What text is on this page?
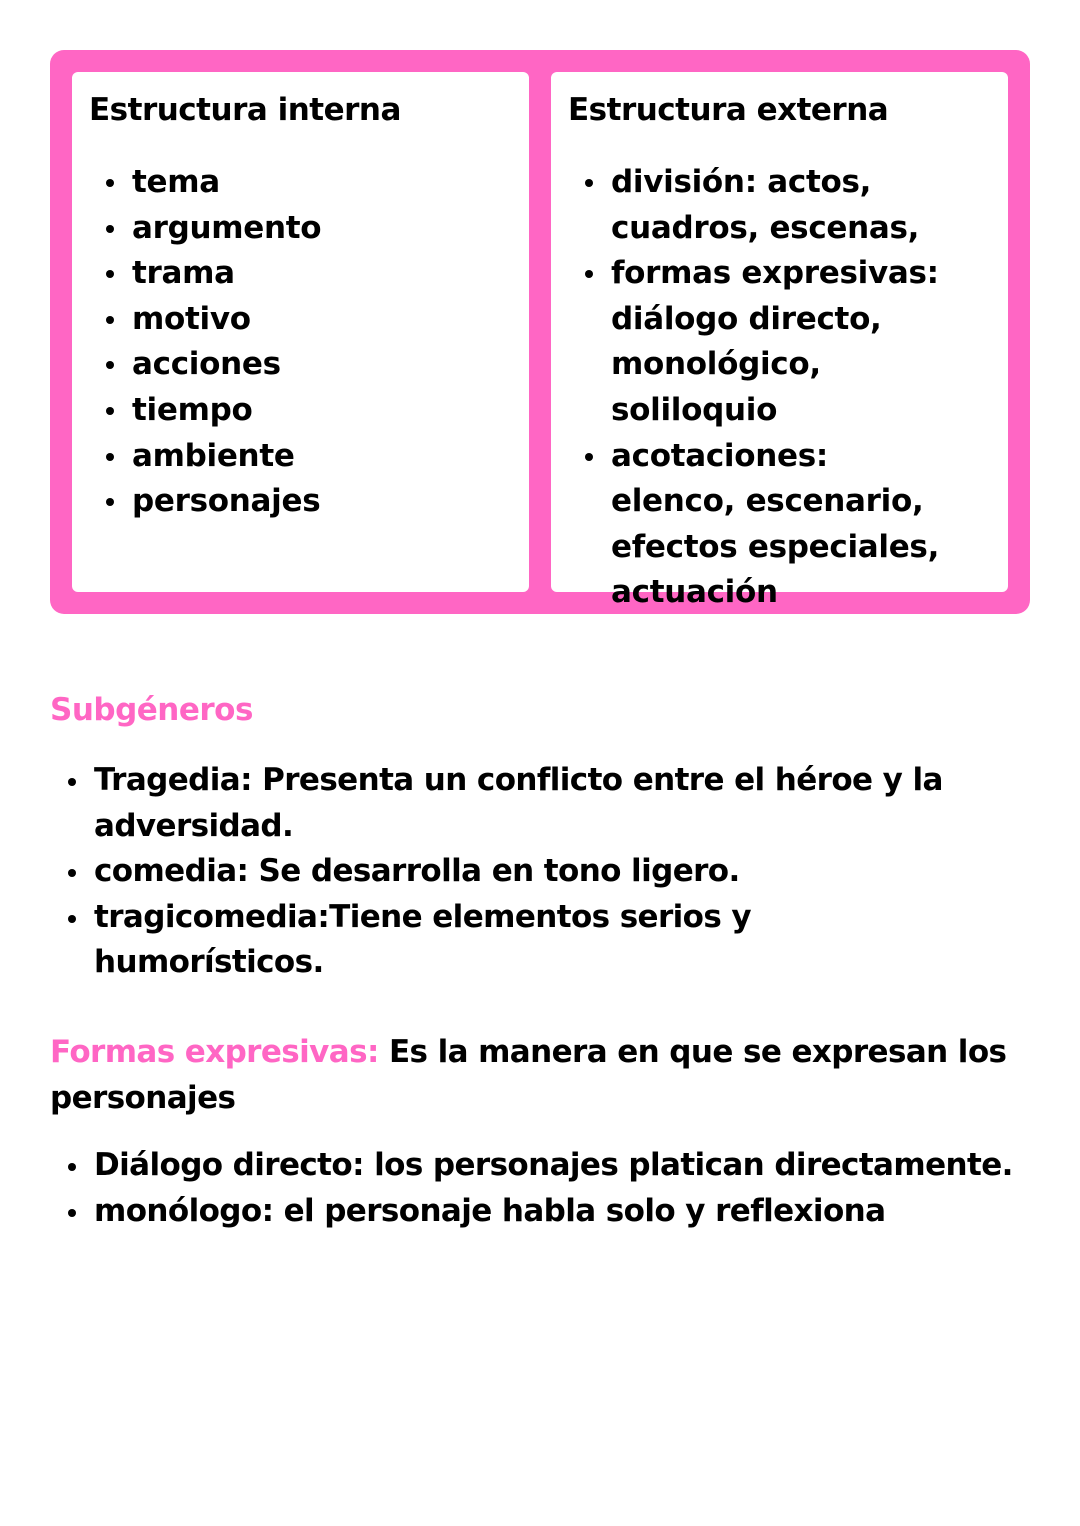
Estructura interna
tema
argumento
trama
motivo
acciones
tiempo
ambiente
personajes
Estructura externa
división: actos, cuadros, escenas,
formas expresivas: diálogo directo, monológico, soliloquio
acotaciones: elenco, escenario, efectos especiales, actuación
Subgéneros
Tragedia: Presenta un conflicto entre el héroe y la adversidad.
comedia: Se desarrolla en tono ligero.
tragicomedia:Tiene elementos serios y humorísticos.

Formas expresivas: Es la manera en que se expresan los personajes

Diálogo directo: los personajes platican directamente.
monólogo: el personaje habla solo y reflexiona
